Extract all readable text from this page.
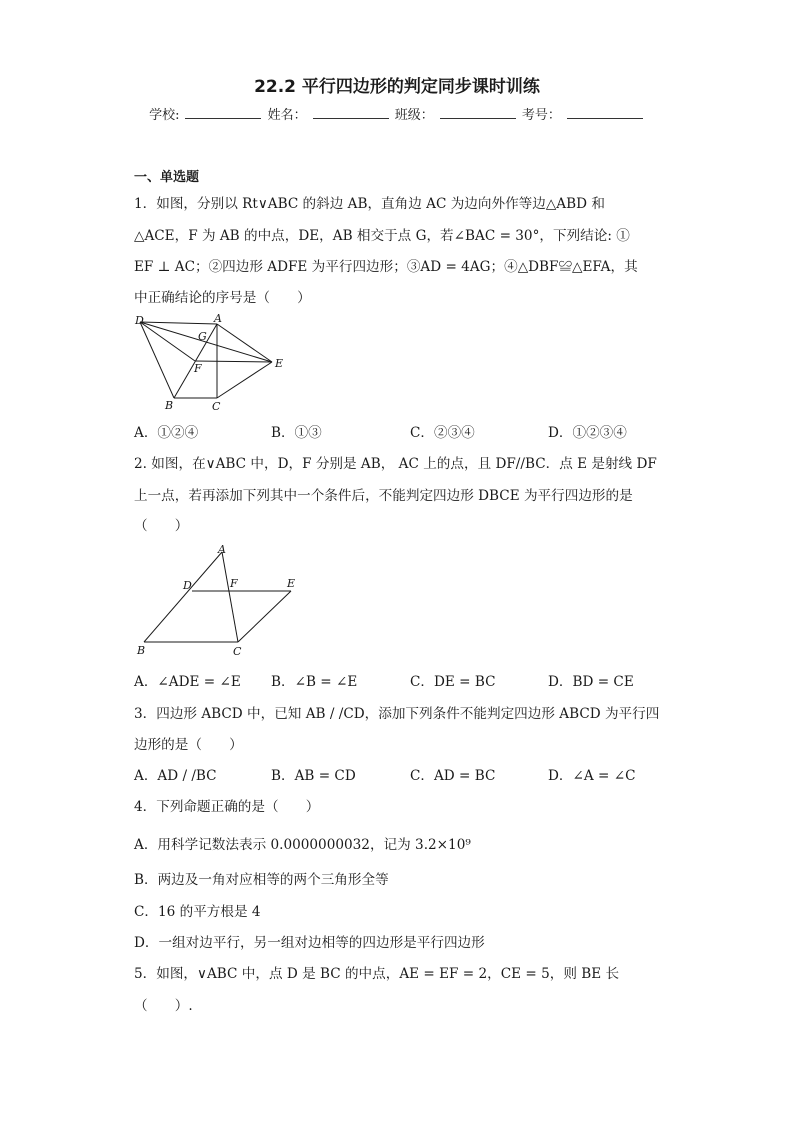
22.2 平行四边形的判定同步课时训练
学校:	姓名：	班级：	考号：
一、单选题
1．如图，分别以 Rt∨ABC 的斜边 AB，直角边 AC 为边向外作等边△ABD 和
△ACE，F 为 AB 的中点，DE，AB 相交于点 G，若∠BAC = 30°，下列结论: ①
EF ⊥ AC；②四边形 ADFE 为平行四边形；③AD = 4AG；④△DBF≌△EFA，其
中正确结论的序号是（　　）
D	A
G
F	E
B	C
A．①②④	B．①③	C．②③④	D．①②③④
2. 如图，在∨ABC 中，D，F 分别是 AB， AC 上的点，且 DF//BC．点 E 是射线 DF
上一点，若再添加下列其中一个条件后，不能判定四边形 DBCE 为平行四边形的是
（　　）
A
D	F	E
B	C
A．∠ADE = ∠E B．∠B = ∠E	C．DE = BC	D．BD = CE
3．四边形 ABCD 中，已知 AB / /CD，添加下列条件不能判定四边形 ABCD 为平行四
边形的是（　　）
A．AD / /BC	B．AB = CD	C．AD = BC	D．∠A = ∠C
4．下列命题正确的是（　　）
A．用科学记数法表示 0.0000000032，记为 3.2×10⁹
B．两边及一角对应相等的两个三角形全等
C．16 的平方根是 4
D．一组对边平行，另一组对边相等的四边形是平行四边形
5．如图，∨ABC 中，点 D 是 BC 的中点，AE = EF = 2，CE = 5，则 BE 长
（　　）.
